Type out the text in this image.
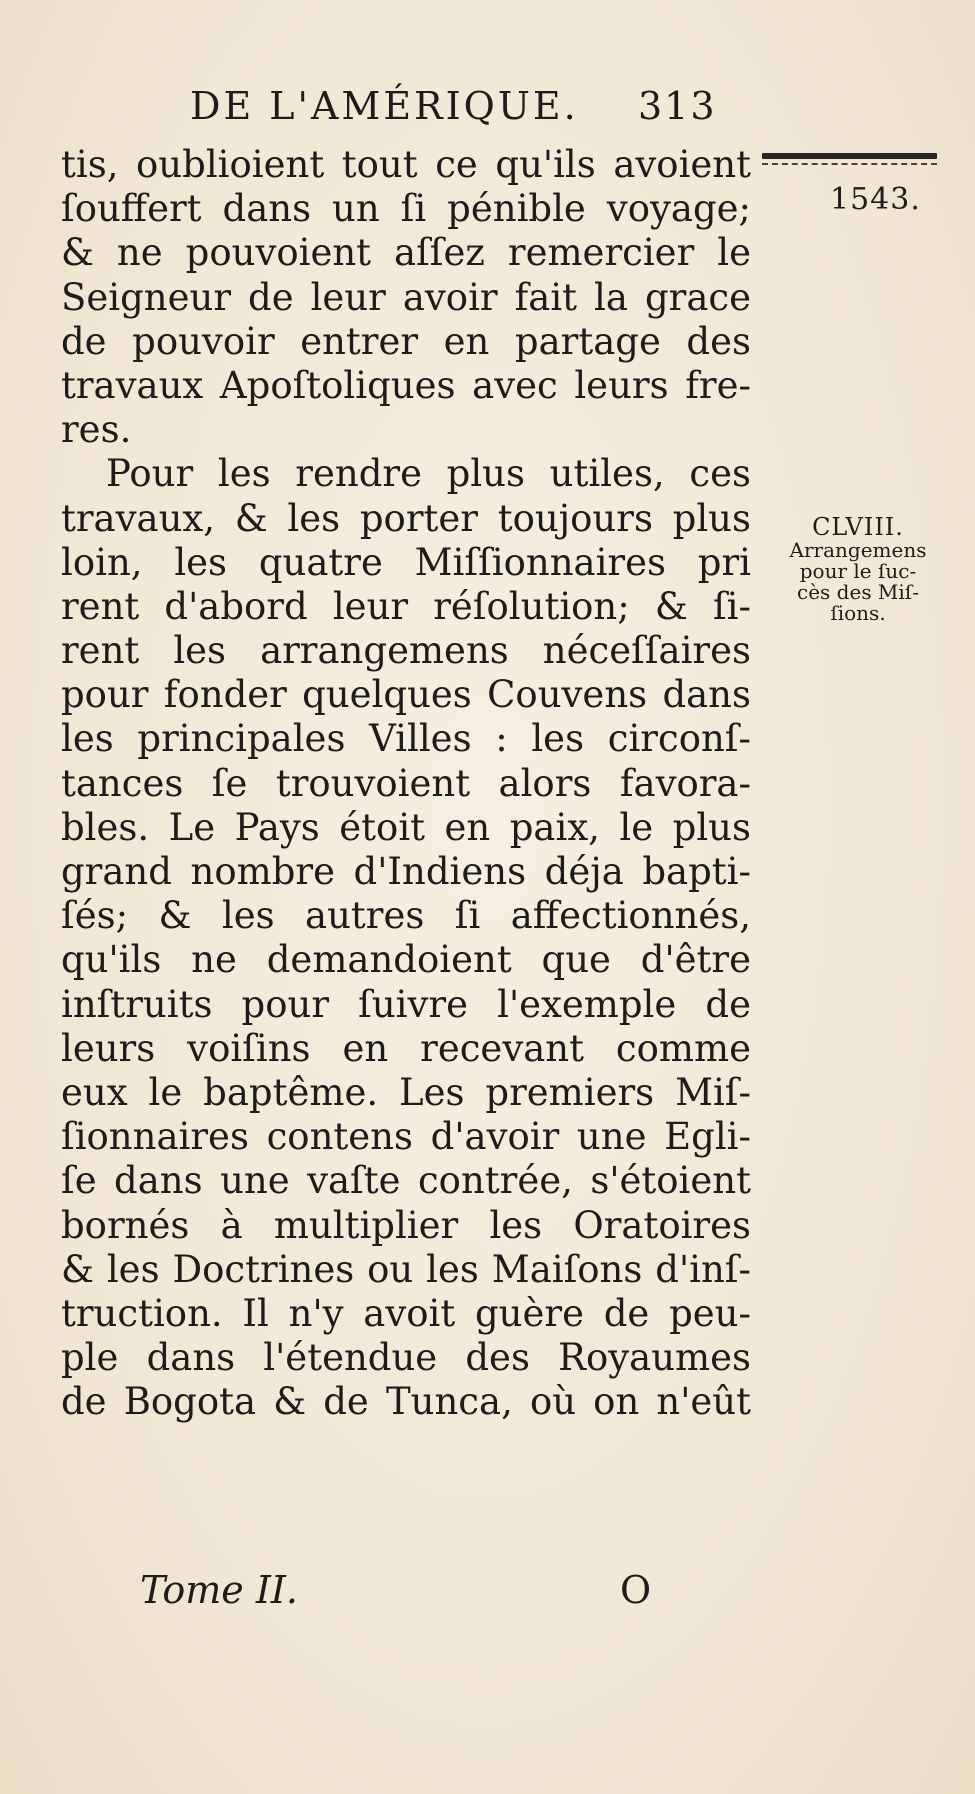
DE L'AMÉRIQUE. 313
1543.
CLVIII.
Arrangemens
pour le ſuc-
cès des Miſ-
ſions.
tis, oublioient tout ce qu'ils avoient
ſouffert dans un ſi pénible voyage;
& ne pouvoient aſſez remercier le
Seigneur de leur avoir fait la grace
de pouvoir entrer en partage des
travaux Apoſtoliques avec leurs fre-
res.
Pour les rendre plus utiles, ces
travaux, & les porter toujours plus
loin, les quatre Miſſionnaires pri
rent d'abord leur réſolution; & ſi-
rent les arrangemens néceſſaires
pour fonder quelques Couvens dans
les principales Villes : les circonſ-
tances ſe trouvoient alors favora-
bles. Le Pays étoit en paix, le plus
grand nombre d'Indiens déja bapti-
ſés; & les autres ſi affectionnés,
qu'ils ne demandoient que d'être
inſtruits pour ſuivre l'exemple de
leurs voiſins en recevant comme
eux le baptême. Les premiers Miſ-
ſionnaires contens d'avoir une Egli-
ſe dans une vaſte contrée, s'étoient
bornés à multiplier les Oratoires
& les Doctrines ou les Maiſons d'inſ-
truction. Il n'y avoit guère de peu-
ple dans l'étendue des Royaumes
de Bogota & de Tunca, où on n'eût
Tome II.	O
